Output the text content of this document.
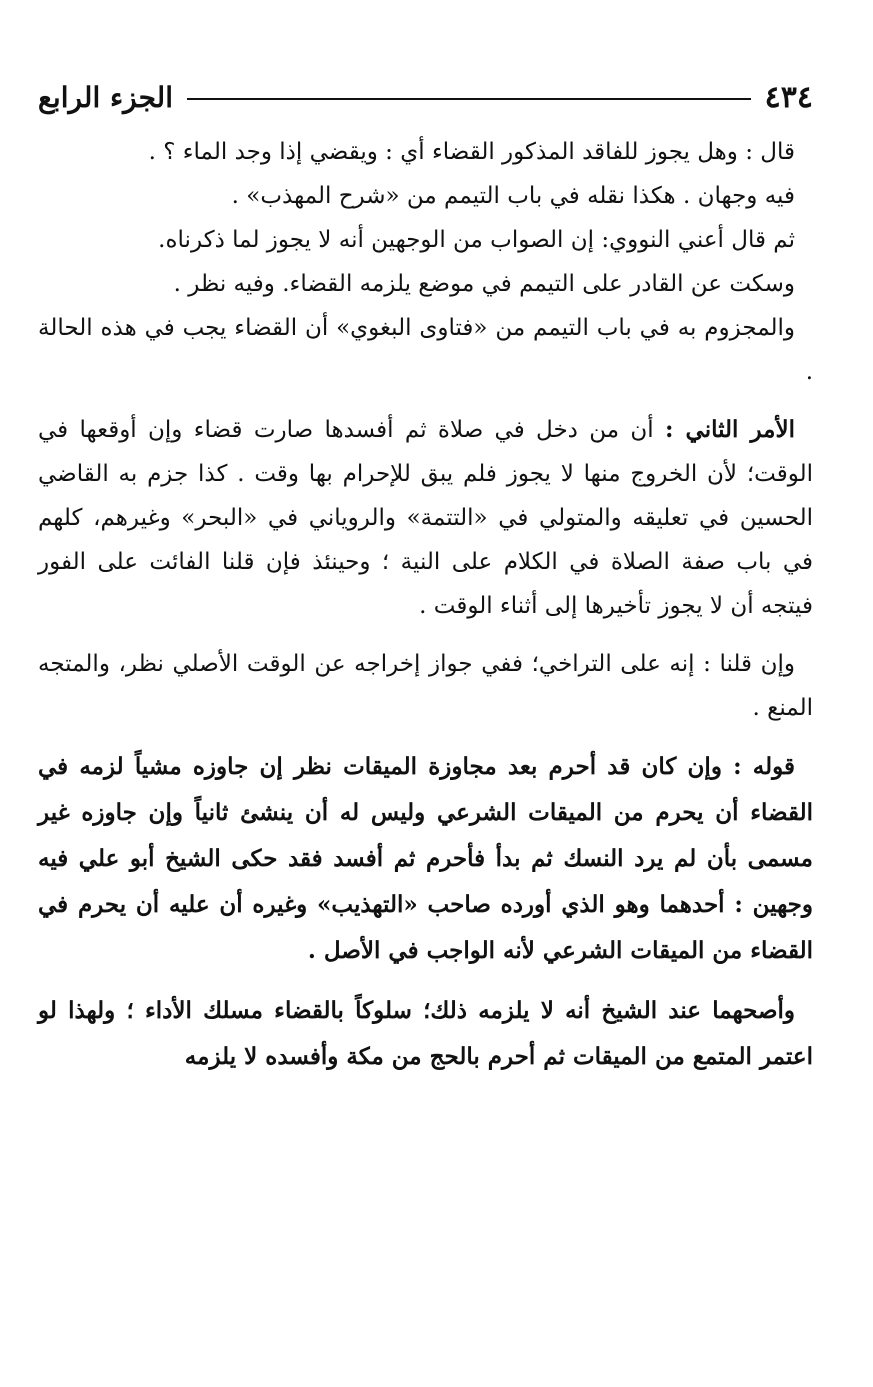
٤٣٤
الجزء الرابع

قال : وهل يجوز للفاقد المذكور القضاء أي : ويقضي إذا وجد الماء ؟ .

فيه وجهان . هكذا نقله في باب التيمم من «شرح المهذب» .

ثم قال أعني النووي: إن الصواب من الوجهين أنه لا يجوز لما ذكرناه.

وسكت عن القادر على التيمم في موضع يلزمه القضاء. وفيه نظر .

والمجزوم به في باب التيمم من «فتاوى البغوي» أن القضاء يجب في هذه الحالة .

الأمر الثاني : أن من دخل في صلاة ثم أفسدها صارت قضاء وإن أوقعها في الوقت؛ لأن الخروج منها لا يجوز فلم يبق للإحرام بها وقت . كذا جزم به القاضي الحسين في تعليقه والمتولي في «التتمة» والروياني في «البحر» وغيرهم، كلهم في باب صفة الصلاة في الكلام على النية ؛ وحينئذ فإن قلنا الفائت على الفور فيتجه أن لا يجوز تأخيرها إلى أثناء الوقت .

وإن قلنا : إنه على التراخي؛ ففي جواز إخراجه عن الوقت الأصلي نظر، والمتجه المنع .

قوله : وإن كان قد أحرم بعد مجاوزة الميقات نظر إن جاوزه مشياً لزمه في القضاء أن يحرم من الميقات الشرعي وليس له أن ينشئ ثانياً وإن جاوزه غير مسمى بأن لم يرد النسك ثم بدأ فأحرم ثم أفسد فقد حكى الشيخ أبو علي فيه وجهين : أحدهما وهو الذي أورده صاحب «التهذيب» وغيره أن عليه أن يحرم في القضاء من الميقات الشرعي لأنه الواجب في الأصل .

وأصحهما عند الشيخ أنه لا يلزمه ذلك؛ سلوكاً بالقضاء مسلك الأداء ؛ ولهذا لو اعتمر المتمع من الميقات ثم أحرم بالحج من مكة وأفسده لا يلزمه
